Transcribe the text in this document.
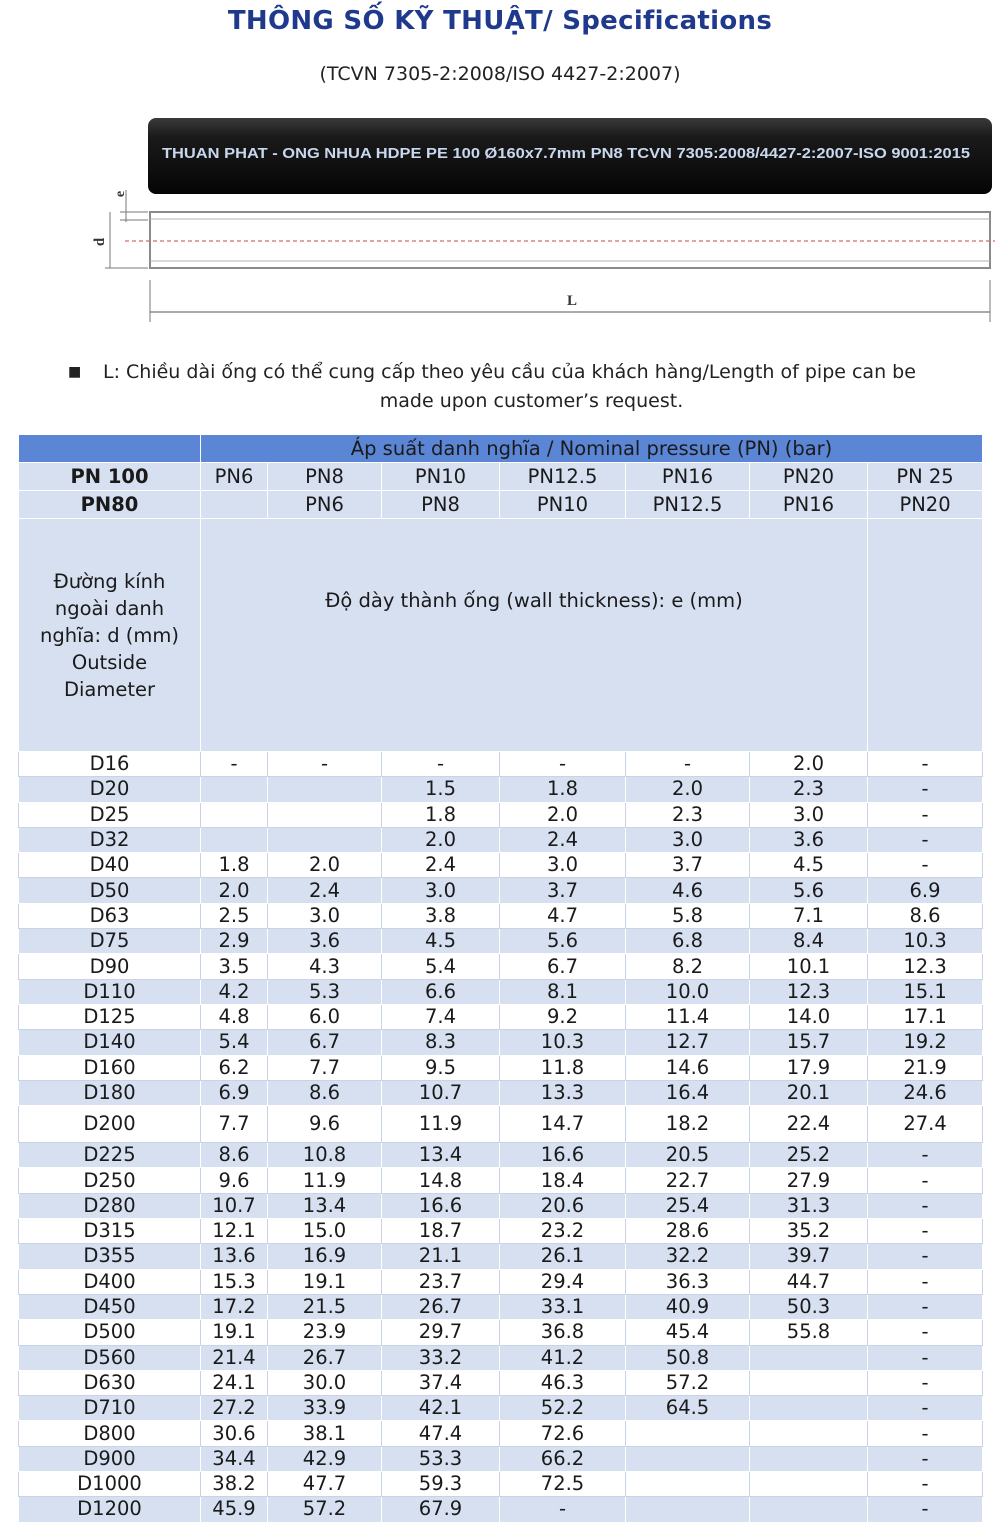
THÔNG SỐ KỸ THUẬT/ Specifications
(TCVN 7305-2:2008/ISO 4427-2:2007)
THUAN PHAT - ONG NHUA HDPE PE 100 Ø160x7.7mm PN8 TCVN 7305:2008/4427-2:2007-ISO 9001:2015
e
d
L
■ L: Chiều dài ống có thể cung cấp theo yêu cầu của khách hàng/Length of pipe can be
made upon customer’s request.
	Áp suất danh nghĩa / Nominal pressure (PN) (bar)						
PN 100	PN6	PN8	PN10	PN12.5	PN16	PN20	PN 25
PN80		PN6	PN8	PN10	PN12.5	PN16	PN20
Đường kính ngoài danh nghĩa: d (mm) Outside Diameter	Độ dày thành ống (wall thickness): e (mm)						
D16	-	-	-	-	-	2.0	-
D20			1.5	1.8	2.0	2.3	-
D25			1.8	2.0	2.3	3.0	-
D32			2.0	2.4	3.0	3.6	-
D40	1.8	2.0	2.4	3.0	3.7	4.5	-
D50	2.0	2.4	3.0	3.7	4.6	5.6	6.9
D63	2.5	3.0	3.8	4.7	5.8	7.1	8.6
D75	2.9	3.6	4.5	5.6	6.8	8.4	10.3
D90	3.5	4.3	5.4	6.7	8.2	10.1	12.3
D110	4.2	5.3	6.6	8.1	10.0	12.3	15.1
D125	4.8	6.0	7.4	9.2	11.4	14.0	17.1
D140	5.4	6.7	8.3	10.3	12.7	15.7	19.2
D160	6.2	7.7	9.5	11.8	14.6	17.9	21.9
D180	6.9	8.6	10.7	13.3	16.4	20.1	24.6
D200	7.7	9.6	11.9	14.7	18.2	22.4	27.4
D225	8.6	10.8	13.4	16.6	20.5	25.2	-
D250	9.6	11.9	14.8	18.4	22.7	27.9	-
D280	10.7	13.4	16.6	20.6	25.4	31.3	-
D315	12.1	15.0	18.7	23.2	28.6	35.2	-
D355	13.6	16.9	21.1	26.1	32.2	39.7	-
D400	15.3	19.1	23.7	29.4	36.3	44.7	-
D450	17.2	21.5	26.7	33.1	40.9	50.3	-
D500	19.1	23.9	29.7	36.8	45.4	55.8	-
D560	21.4	26.7	33.2	41.2	50.8		-
D630	24.1	30.0	37.4	46.3	57.2		-
D710	27.2	33.9	42.1	52.2	64.5		-
D800	30.6	38.1	47.4	72.6			-
D900	34.4	42.9	53.3	66.2			-
D1000	38.2	47.7	59.3	72.5			-
D1200	45.9	57.2	67.9	-			-
